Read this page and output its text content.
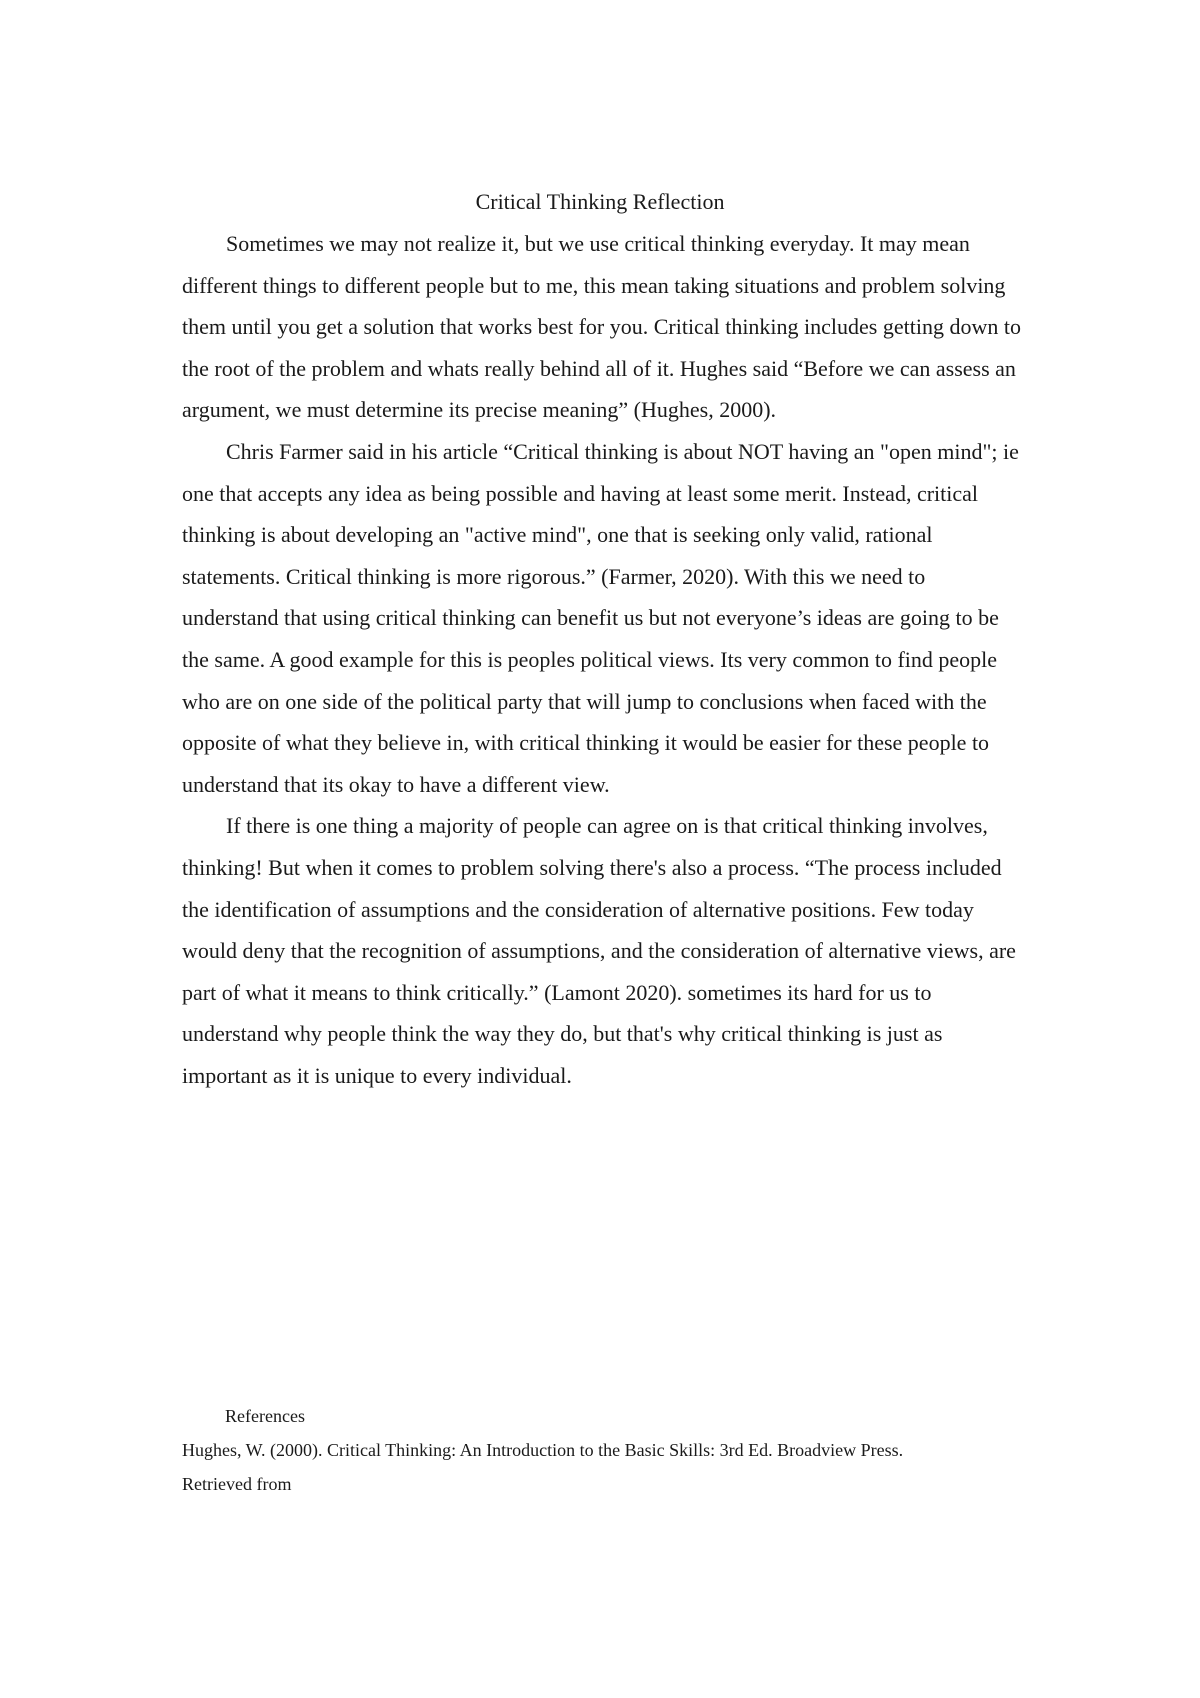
Critical Thinking Reflection

Sometimes we may not realize it, but we use critical thinking everyday. It may mean different things to different people but to me, this mean taking situations and problem solving them until you get a solution that works best for you. Critical thinking includes getting down to the root of the problem and whats really behind all of it. Hughes said “Before we can assess an argument, we must determine its precise meaning” (Hughes, 2000).

Chris Farmer said in his article “Critical thinking is about NOT having an "open mind"; ie one that accepts any idea as being possible and having at least some merit. Instead, critical thinking is about developing an "active mind", one that is seeking only valid, rational statements. Critical thinking is more rigorous.” (Farmer, 2020). With this we need to understand that using critical thinking can benefit us but not everyone’s ideas are going to be the same. A good example for this is peoples political views. Its very common to find people who are on one side of the political party that will jump to conclusions when faced with the opposite of what they believe in, with critical thinking it would be easier for these people to understand that its okay to have a different view.

If there is one thing a majority of people can agree on is that critical thinking involves, thinking! But when it comes to problem solving there's also a process. “The process included the identification of assumptions and the consideration of alternative positions. Few today would deny that the recognition of assumptions, and the consideration of alternative views, are part of what it means to think critically.” (Lamont 2020). sometimes its hard for us to understand why people think the way they do, but that's why critical thinking is just as important as it is unique to every individual.

References

Hughes, W. (2000). Critical Thinking: An Introduction to the Basic Skills: 3rd Ed. Broadview Press.

Retrieved from
